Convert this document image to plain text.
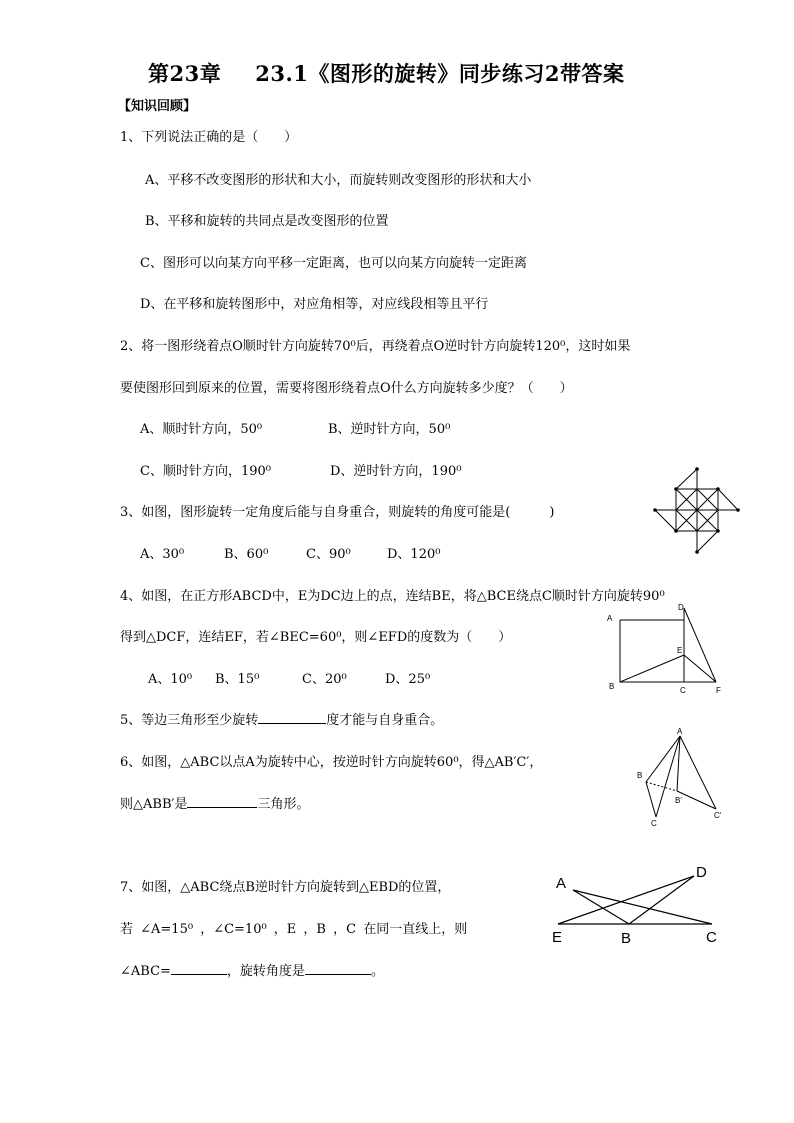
第23章 23.1《图形的旋转》同步练习2带答案
【知识回顾】
1、下列说法正确的是（　　）
A、平移不改变图形的形状和大小，而旋转则改变图形的形状和大小
B、平移和旋转的共同点是改变图形的位置
C、图形可以向某方向平移一定距离，也可以向某方向旋转一定距离
D、在平移和旋转图形中，对应角相等，对应线段相等且平行
2、将一图形绕着点O顺时针方向旋转70⁰后，再绕着点O逆时针方向旋转120⁰，这时如果
要使图形回到原来的位置，需要将图形绕着点O什么方向旋转多少度？（　　）
A、顺时针方向，50⁰	B、逆时针方向，50⁰
C、顺时针方向，190⁰	D、逆时针方向，190⁰
3、如图，图形旋转一定角度后能与自身重合，则旋转的角度可能是(　　　)
A、30⁰	B、60⁰	C、90⁰	D、120⁰
4、如图，在正方形ABCD中，E为DC边上的点，连结BE，将△BCE绕点C顺时针方向旋转90⁰
得到△DCF，连结EF，若∠BEC=60⁰，则∠EFD的度数为（　　）
A、10⁰ B、15⁰	C、20⁰	D、25⁰
A
D
E
B	C	F
5、等边三角形至少旋转	度才能与自身重合。
6、如图，△ABC以点A为旋转中心，按逆时针方向旋转60⁰，得△AB′C′，
则△ABB′是	三角形。
A
B
B'
C
C'
7、如图，△ABC绕点B逆时针方向旋转到△EBD的位置，
若 ∠A=15⁰ ，∠C=10⁰ ，E ，B ，C 在同一直线上，则
∠ABC=	，旋转角度是	。
A
D
E	B	C
